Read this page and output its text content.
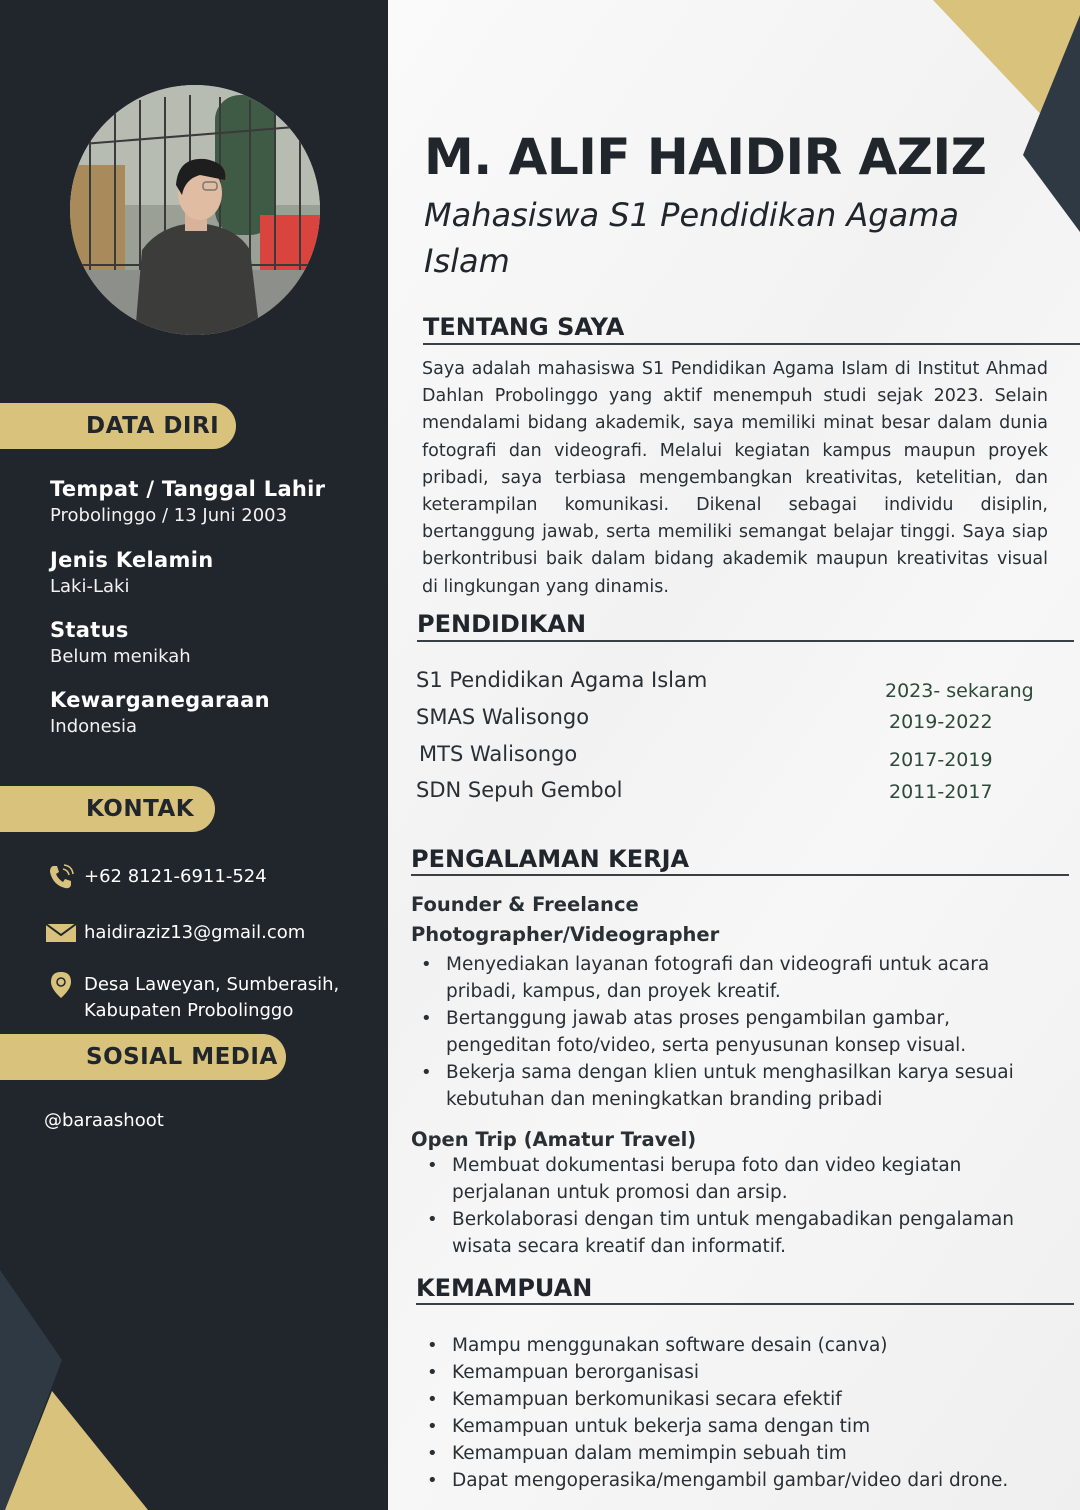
DATA DIRI
Tempat / Tanggal Lahir
Probolinggo / 13 Juni 2003
Jenis Kelamin
Laki-Laki
Status
Belum menikah
Kewarganegaraan
Indonesia
KONTAK
+62 8121-6911-524
haidiraziz13@gmail.com
Desa Laweyan, Sumberasih,
Kabupaten Probolinggo
SOSIAL MEDIA
@baraashoot
M. ALIF HAIDIR AZIZ
Mahasiswa S1 Pendidikan Agama
Islam
TENTANG SAYA
Saya adalah mahasiswa S1 Pendidikan Agama Islam di Institut Ahmad Dahlan Probolinggo yang aktif menempuh studi sejak 2023. Selain mendalami bidang akademik, saya memiliki minat besar dalam dunia fotografi dan videografi. Melalui kegiatan kampus maupun proyek pribadi, saya terbiasa mengembangkan kreativitas, ketelitian, dan keterampilan komunikasi. Dikenal sebagai individu disiplin, bertanggung jawab, serta memiliki semangat belajar tinggi. Saya siap berkontribusi baik dalam bidang akademik maupun kreativitas visual di lingkungan yang dinamis.
PENDIDIKAN
S1 Pendidikan Agama Islam	2023- sekarang
SMAS Walisongo	2019-2022
MTS Walisongo	2017-2019
SDN Sepuh Gembol	2011-2017
PENGALAMAN KERJA
Founder & Freelance
Photographer/Videographer
• Menyediakan layanan fotografi dan videografi untuk acara
pribadi, kampus, dan proyek kreatif.
• Bertanggung jawab atas proses pengambilan gambar,
pengeditan foto/video, serta penyusunan konsep visual.
• Bekerja sama dengan klien untuk menghasilkan karya sesuai
kebutuhan dan meningkatkan branding pribadi
Open Trip (Amatur Travel)
• Membuat dokumentasi berupa foto dan video kegiatan
perjalanan untuk promosi dan arsip.
• Berkolaborasi dengan tim untuk mengabadikan pengalaman
wisata secara kreatif dan informatif.
KEMAMPUAN
• Mampu menggunakan software desain (canva)
• Kemampuan berorganisasi
• Kemampuan berkomunikasi secara efektif
• Kemampuan untuk bekerja sama dengan tim
• Kemampuan dalam memimpin sebuah tim
• Dapat mengoperasika/mengambil gambar/video dari drone.
